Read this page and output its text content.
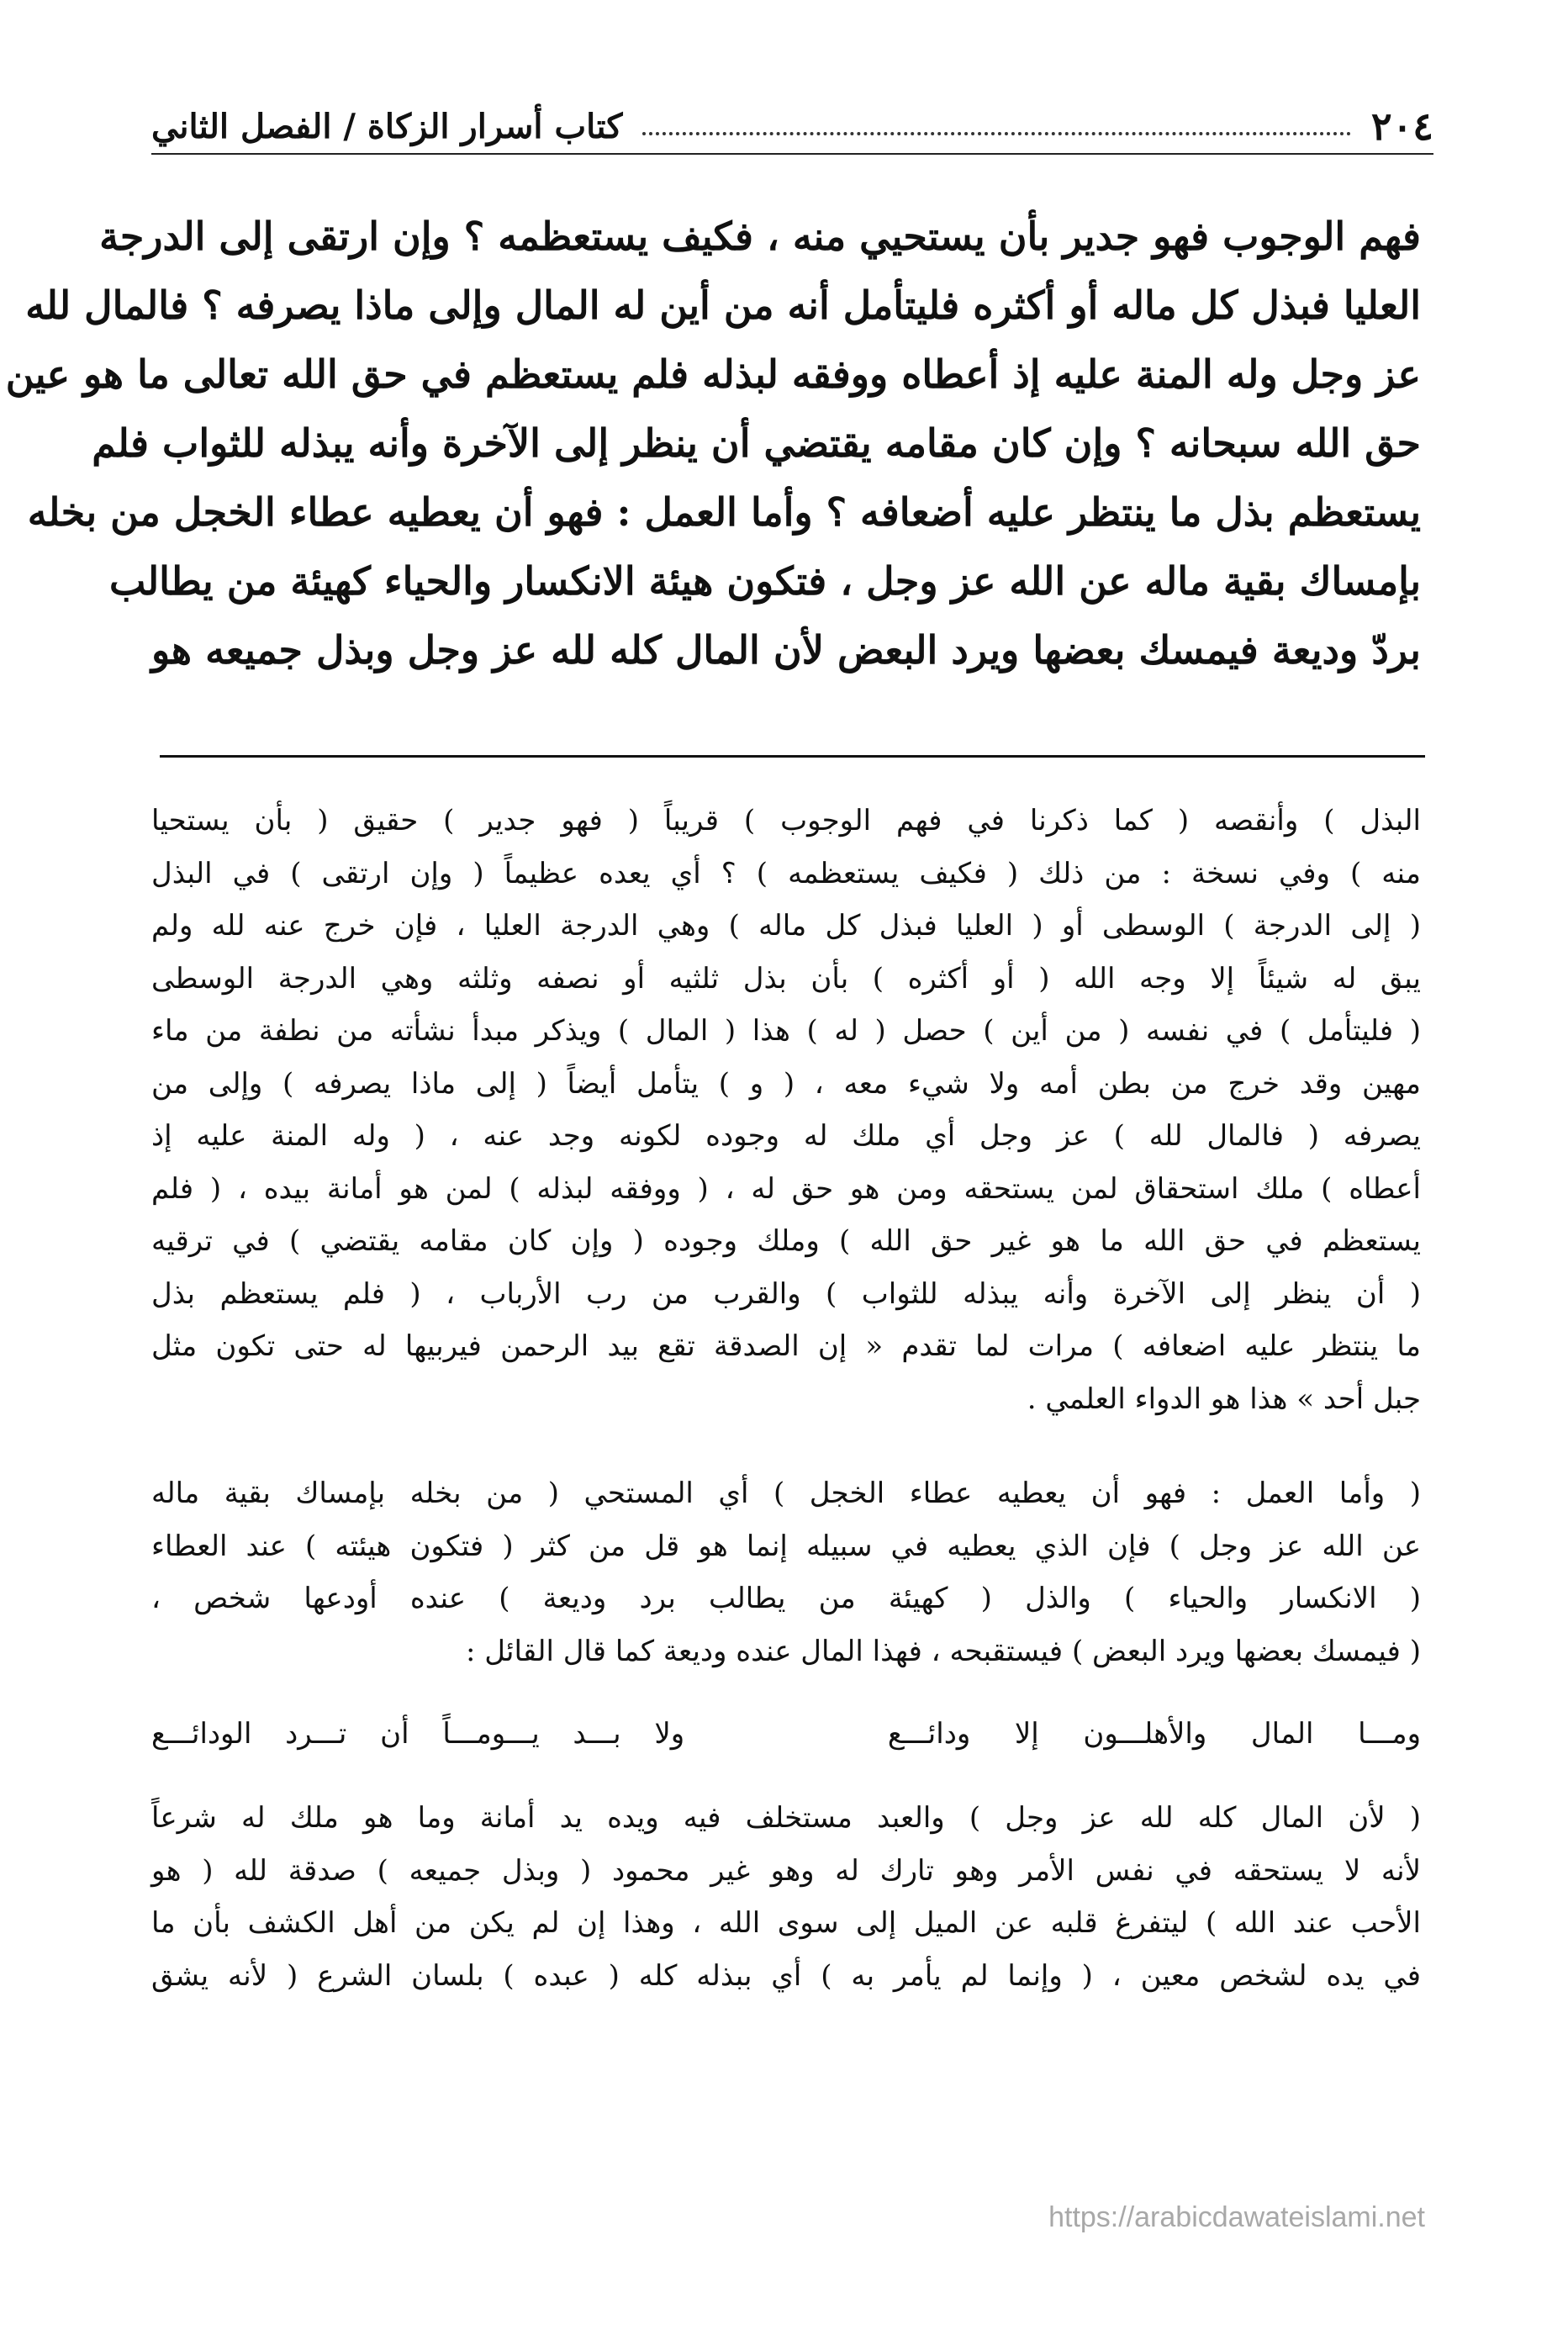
٢٠٤
كتاب أسرار الزكاة / الفصل الثاني
فهم الوجوب فهو جدير بأن يستحيي منه ، فكيف يستعظمه ؟ وإن ارتقى إلى الدرجة
العليا فبذل كل ماله أو أكثره فليتأمل أنه من أين له المال وإلى ماذا يصرفه ؟ فالمال لله
عز وجل وله المنة عليه إذ أعطاه ووفقه لبذله فلم يستعظم في حق الله تعالى ما هو عين
حق الله سبحانه ؟ وإن كان مقامه يقتضي أن ينظر إلى الآخرة وأنه يبذله للثواب فلم
يستعظم بذل ما ينتظر عليه أضعافه ؟ وأما العمل : فهو أن يعطيه عطاء الخجل من بخله
بإمساك بقية ماله عن الله عز وجل ، فتكون هيئة الانكسار والحياء كهيئة من يطالب
بردّ وديعة فيمسك بعضها ويرد البعض لأن المال كله لله عز وجل وبذل جميعه هو
البذل ) وأنقصه ( كما ذكرنا في فهم الوجوب ) قريباً ( فهو جدير ) حقيق ( بأن يستحيا
منه ) وفي نسخة : من ذلك ( فكيف يستعظمه ) ؟ أي يعده عظيماً ( وإن ارتقى ) في البذل
( إلى الدرجة ) الوسطى أو ( العليا فبذل كل ماله ) وهي الدرجة العليا ، فإن خرج عنه لله ولم
يبق له شيئاً إلا وجه الله ( أو أكثره ) بأن بذل ثلثيه أو نصفه وثلثه وهي الدرجة الوسطى
( فليتأمل ) في نفسه ( من أين ) حصل ( له ) هذا ( المال ) ويذكر مبدأ نشأته من نطفة من ماء
مهين وقد خرج من بطن أمه ولا شيء معه ، ( و ) يتأمل أيضاً ( إلى ماذا يصرفه ) وإلى من
يصرفه ( فالمال لله ) عز وجل أي ملك له وجوده لكونه وجد عنه ، ( وله المنة عليه إذ
أعطاه ) ملك استحقاق لمن يستحقه ومن هو حق له ، ( ووفقه لبذله ) لمن هو أمانة بيده ، ( فلم
يستعظم في حق الله ما هو غير حق الله ) وملك وجوده ( وإن كان مقامه يقتضي ) في ترقيه
( أن ينظر إلى الآخرة وأنه يبذله للثواب ) والقرب من رب الأرباب ، ( فلم يستعظم بذل
ما ينتظر عليه اضعافه ) مرات لما تقدم « إن الصدقة تقع بيد الرحمن فيربيها له حتى تكون مثل
جبل أحد » هذا هو الدواء العلمي .
( وأما العمل : فهو أن يعطيه عطاء الخجل ) أي المستحي ( من بخله بإمساك بقية ماله
عن الله عز وجل ) فإن الذي يعطيه في سبيله إنما هو قل من كثر ( فتكون هيئته ) عند العطاء
( الانكسار والحياء ) والذل ( كهيئة من يطالب برد وديعة ) عنده أودعها شخص ،
( فيمسك بعضها ويرد البعض ) فيستقبحه ، فهذا المال عنده وديعة كما قال القائل :
ومـــا المال والأهلـــون إلا ودائـــع
ولا بـــد يـــومـــاً أن تـــرد الودائـــع
( لأن المال كله لله عز وجل ) والعبد مستخلف فيه ويده يد أمانة وما هو ملك له شرعاً
لأنه لا يستحقه في نفس الأمر وهو تارك له وهو غير محمود ( وبذل جميعه ) صدقة لله ( هو
الأحب عند الله ) ليتفرغ قلبه عن الميل إلى سوى الله ، وهذا إن لم يكن من أهل الكشف بأن ما
في يده لشخص معين ، ( وإنما لم يأمر به ) أي ببذله كله ( عبده ) بلسان الشرع ( لأنه يشق
https://arabicdawateislami.net
